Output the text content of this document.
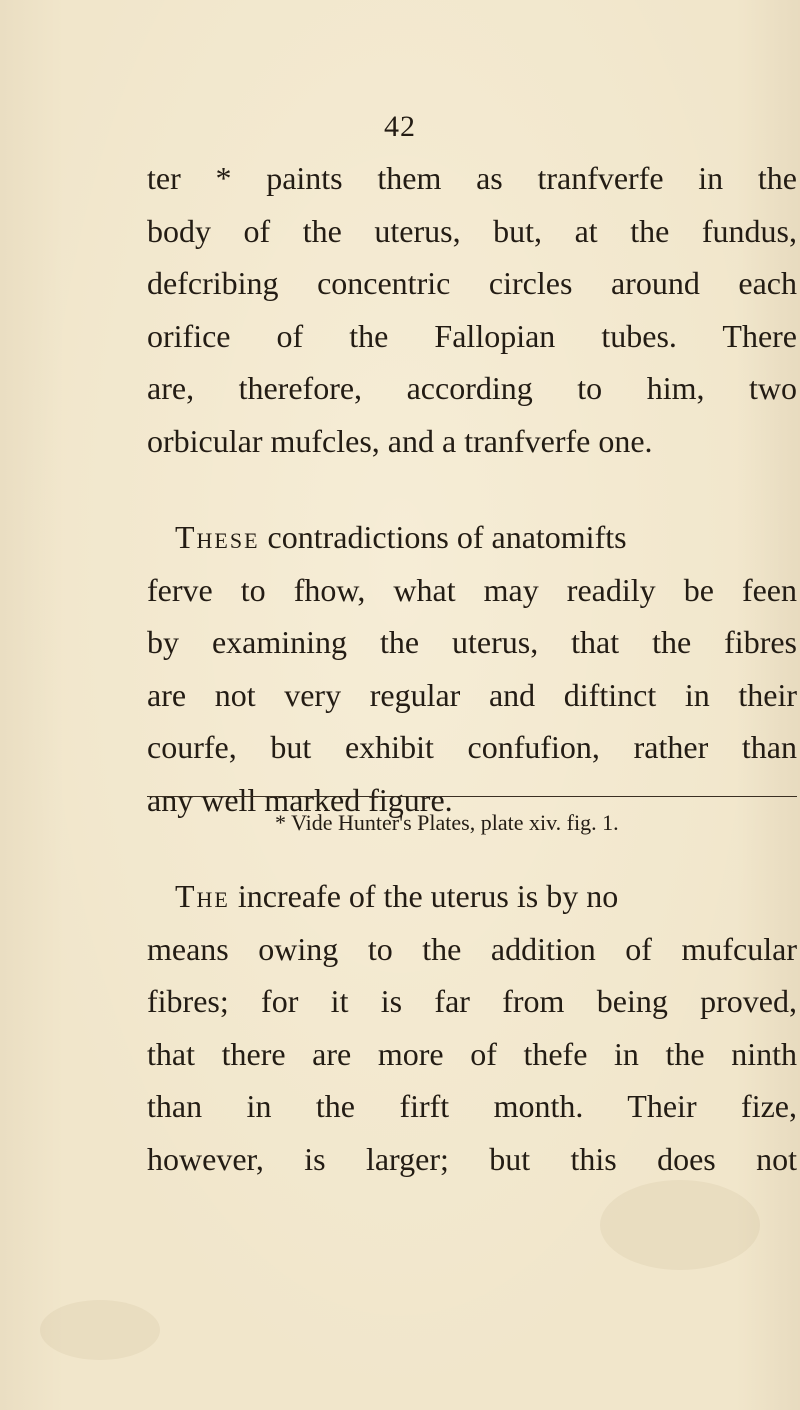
42
ter * paints them as tranfverfe in the
body of the uterus, but, at the fundus,
defcribing concentric circles around each
orifice of the Fallopian tubes. There
are, therefore, according to him, two
orbicular mufcles, and a tranfverfe one.
These contradictions of anatomifts
ferve to fhow, what may readily be feen
by examining the uterus, that the fibres
are not very regular and diftinct in their
courfe, but exhibit confufion, rather than
any well marked figure.
The increafe of the uterus is by no
means owing to the addition of mufcular
fibres; for it is far from being proved,
that there are more of thefe in the ninth
than in the firft month. Their fize,
however, is larger; but this does not
* Vide Hunter's Plates, plate xiv. fig. 1.
